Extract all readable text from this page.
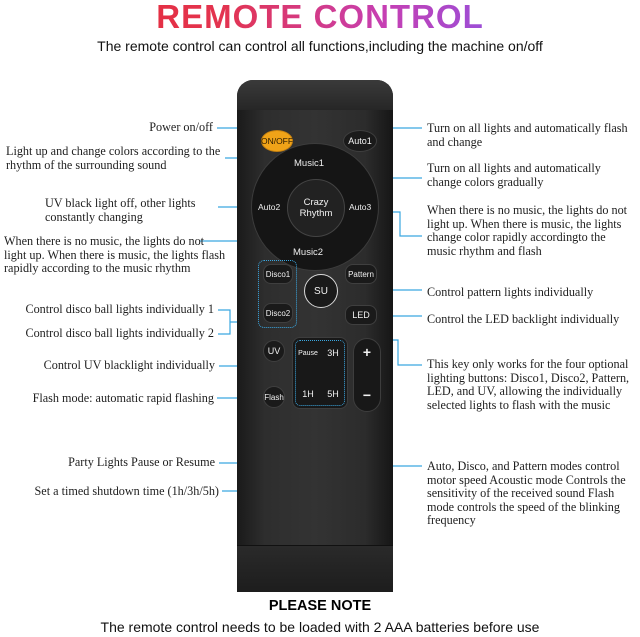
REMOTE CONTROL
The remote control can control all functions,including the machine on/off
Power on/off
Light up and change colors according to the rhythm of the surrounding sound
UV black light off, other lights constantly changing
When there is no music, the lights do not light up. When there is music, the lights flash rapidly according to the music rhythm
Control disco ball lights individually 1
Control disco ball lights individually 2
Control UV blacklight individually
Flash mode: automatic rapid flashing
Party Lights Pause or Resume
Set a timed shutdown time (1h/3h/5h)
Turn on all lights and automatically flash and change
Turn on all lights and automatically change colors gradually
When there is no music, the lights do not light up. When there is music, the lights change color rapidly accordingto the music rhythm and flash
Control pattern lights individually
Control the LED backlight individually
This key only works for the four optional lighting buttons: Disco1, Disco2, Pattern, LED, and UV, allowing the individually selected lights to flash with the music
Auto, Disco, and Pattern modes control motor speed Acoustic mode Controls the sensitivity of the received sound Flash mode controls the speed of the blinking frequency
ON/OFF	Auto1
Music1
Auto2	Auto3
Music2
Crazy Rhythm
Disco1
Disco2
SU
Pattern
LED
UV
Flash
Pause	3H
1H	5H
+
−
PLEASE NOTE
The remote control needs to be loaded with 2 AAA batteries before use
